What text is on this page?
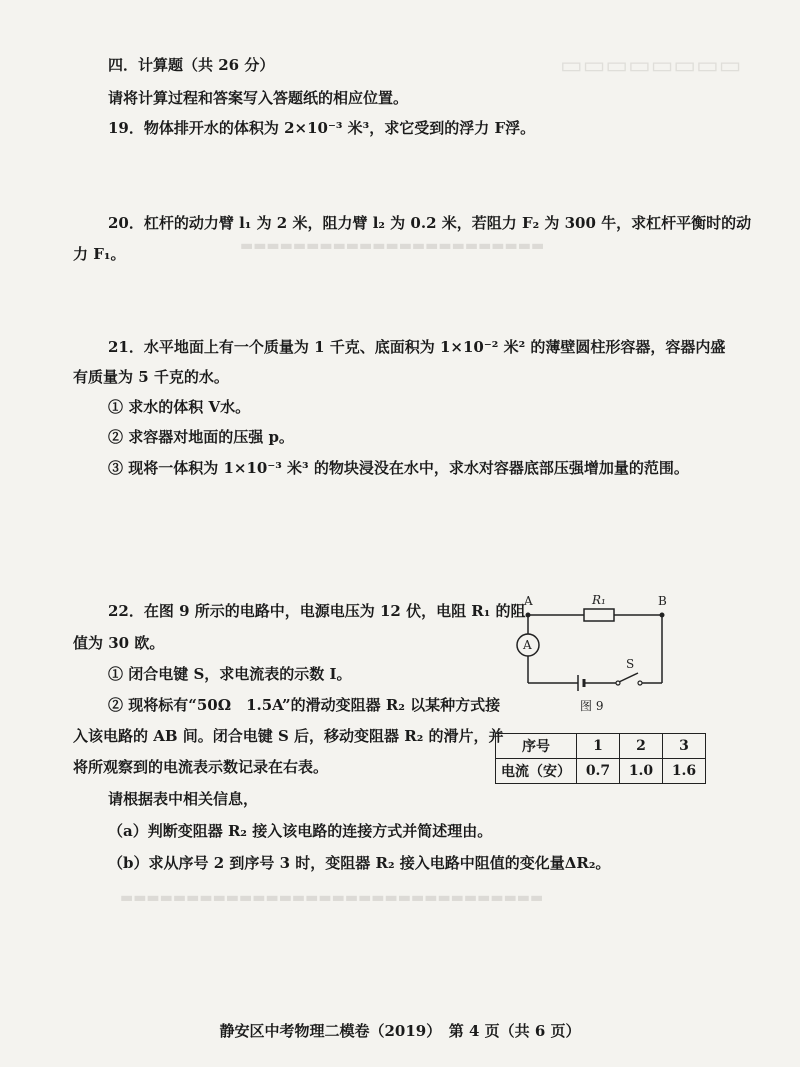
▭▭▭▭▭▭▭▭
▬▬▬▬▬▬▬▬▬▬▬▬▬▬▬▬▬▬▬▬▬▬▬
▬▬▬▬▬▬▬▬▬▬▬▬▬▬▬▬▬▬▬▬▬▬▬▬▬▬▬▬▬▬▬▬
四．计算题（共 26 分）
请将计算过程和答案写入答题纸的相应位置。
19．物体排开水的体积为 2×10⁻³ 米³，求它受到的浮力 F浮。
20．杠杆的动力臂 l₁ 为 2 米，阻力臂 l₂ 为 0.2 米，若阻力 F₂ 为 300 牛，求杠杆平衡时的动
力 F₁。
21．水平地面上有一个质量为 1 千克、底面积为 1×10⁻² 米² 的薄壁圆柱形容器，容器内盛
有质量为 5 千克的水。
① 求水的体积 V水。
② 求容器对地面的压强 p。
③ 现将一体积为 1×10⁻³ 米³ 的物块浸没在水中，求水对容器底部压强增加量的范围。
22．在图 9 所示的电路中，电源电压为 12 伏，电阻 R₁ 的阻
值为 30 欧。
① 闭合电键 S，求电流表的示数 I。
② 现将标有“50Ω　1.5A”的滑动变阻器 R₂ 以某种方式接
入该电路的 AB 间。闭合电键 S 后，移动变阻器 R₂ 的滑片，并
将所观察到的电流表示数记录在右表。
请根据表中相关信息，
（a）判断变阻器 R₂ 接入该电路的连接方式并简述理由。
（b）求从序号 2 到序号 3 时，变阻器 R₂ 接入电路中阻值的变化量ΔR₂。
A	B
R₁
A
S
图 9
序号	1	2	3
电流（安）	0.7	1.0	1.6
静安区中考物理二模卷（2019）　第 4 页（共 6 页）
